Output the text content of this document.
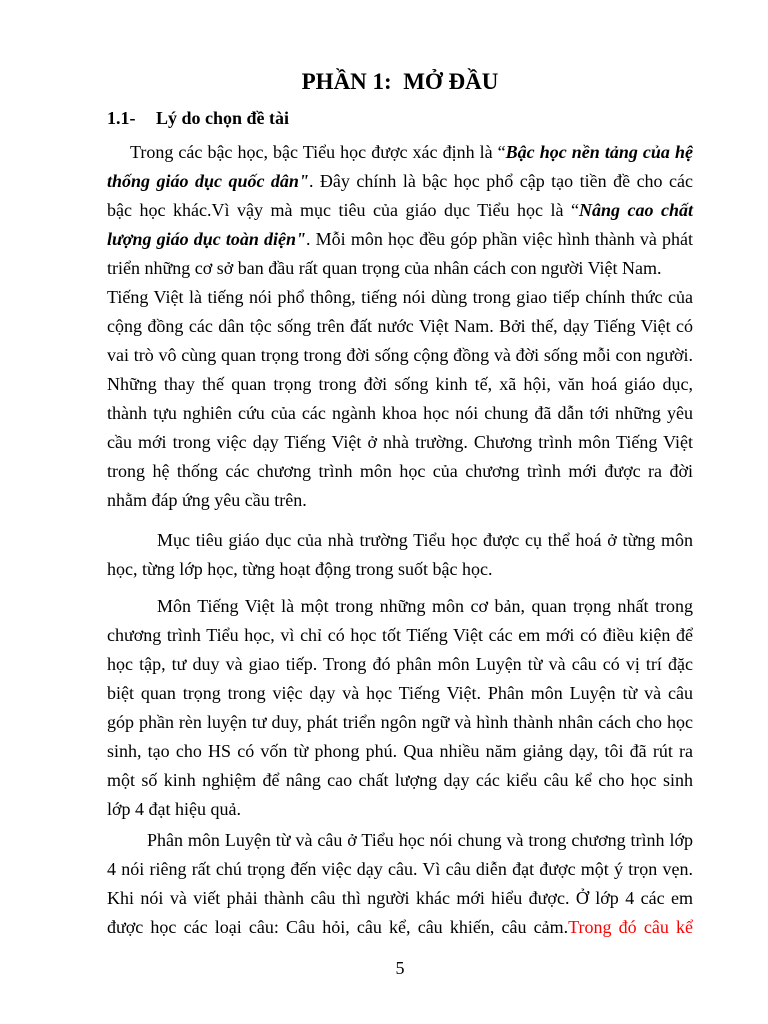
PHẦN 1:  MỞ ĐẦU
1.1- Lý do chọn đề tài
Trong các bậc học, bậc Tiểu học được xác định là “Bậc học nền tảng của hệ
thống giáo dục quốc dân". Đây chính là bậc học phổ cập tạo tiền đề cho các
bậc học khác.Vì vậy mà mục tiêu của giáo dục Tiểu học là “Nâng cao chất
lượng giáo dục toàn diện". Mỗi môn học đều góp phần việc hình thành và phát
triển những cơ sở ban đầu rất quan trọng của nhân cách con người Việt Nam.
Tiếng Việt là tiếng nói phổ thông, tiếng nói dùng trong giao tiếp chính thức của
cộng đồng các dân tộc sống trên đất nước Việt Nam. Bởi thế, dạy Tiếng Việt có
vai trò vô cùng quan trọng trong đời sống cộng đồng và đời sống mỗi con người.
Những thay thế quan trọng trong đời sống kinh tế, xã hội, văn hoá giáo dục,
thành tựu nghiên cứu của các ngành khoa học nói chung đã dẫn tới những yêu
cầu mới trong việc dạy Tiếng Việt ở nhà trường. Chương trình môn Tiếng Việt
trong hệ thống các chương trình môn học của chương trình mới được ra đời
nhằm đáp ứng yêu cầu trên.
Mục tiêu giáo dục của nhà trường Tiểu học được cụ thể hoá ở từng môn
học, từng lớp học, từng hoạt động trong suốt bậc học.
Môn Tiếng Việt là một trong những môn cơ bản, quan trọng nhất trong
chương trình Tiểu học, vì chỉ có học tốt Tiếng Việt các em mới có điều kiện để
học tập, tư duy và giao tiếp. Trong đó phân môn Luyện từ và câu có vị trí đặc
biệt quan trọng trong việc dạy và học Tiếng Việt. Phân môn Luyện từ và câu
góp phần rèn luyện tư duy, phát triển ngôn ngữ và hình thành nhân cách cho học
sinh, tạo cho HS có vốn từ phong phú. Qua nhiều năm giảng dạy, tôi đã rút ra
một số kinh nghiệm để nâng cao chất lượng dạy các kiểu câu kể cho học sinh
lớp 4 đạt hiệu quả.
Phân môn Luyện từ và câu ở Tiểu học nói chung và trong chương trình lớp
4 nói riêng rất chú trọng đến việc dạy câu. Vì câu diễn đạt được một ý trọn vẹn.
Khi nói và viết phải thành câu thì người khác mới hiểu được. Ở lớp 4 các em
được học các loại câu: Câu hỏi, câu kể, câu khiến, câu cảm.Trong đó câu kể
5
